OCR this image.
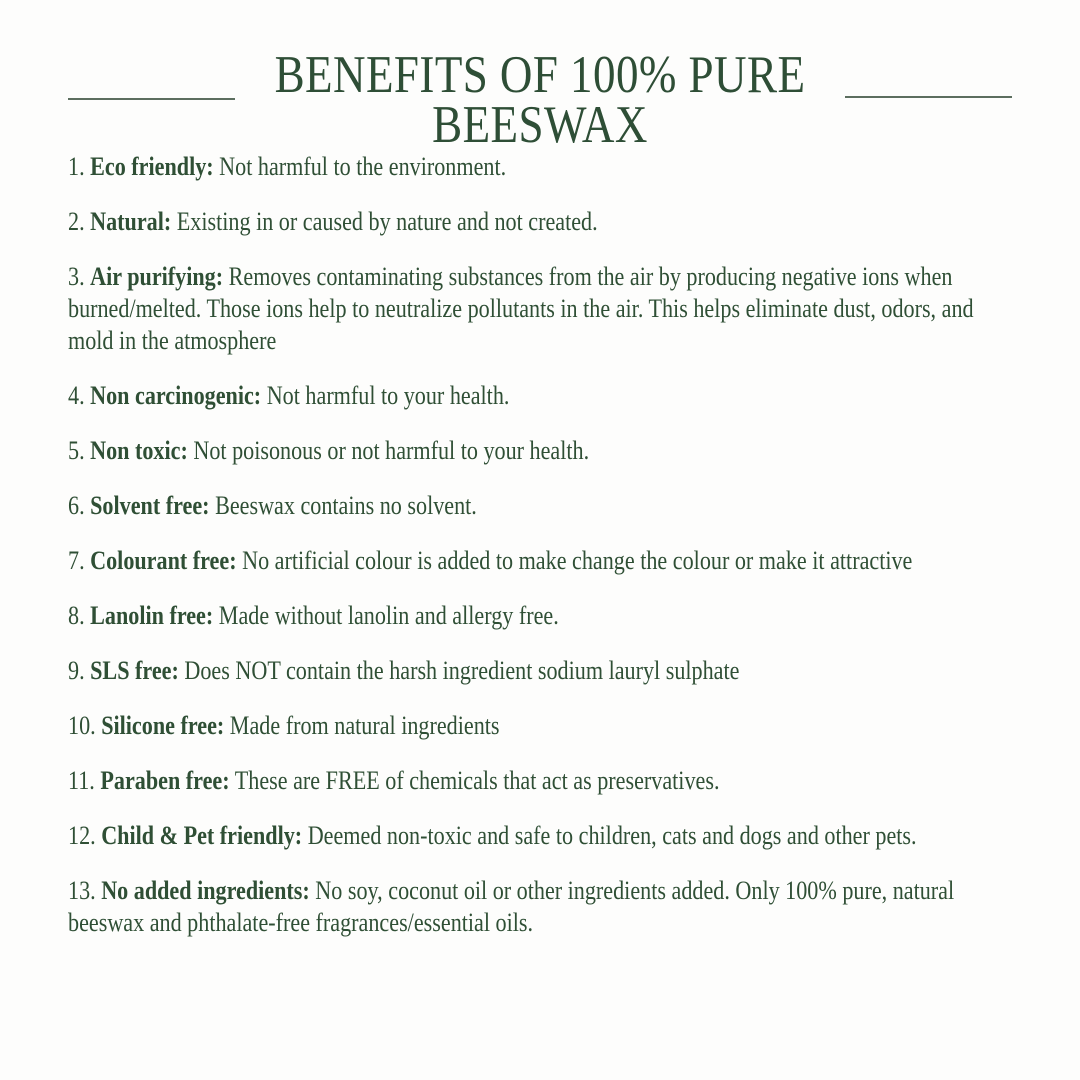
BENEFITS OF 100% PURE
BEESWAX

1. Eco friendly: Not harmful to the environment.

2. Natural: Existing in or caused by nature and not created.

3. Air purifying: Removes contaminating substances from the air by producing negative ions when burned/melted. Those ions help to neutralize pollutants in the air. This helps eliminate dust, odors, and mold in the atmosphere

4. Non carcinogenic: Not harmful to your health.

5. Non toxic: Not poisonous or not harmful to your health.

6. Solvent free: Beeswax contains no solvent.

7. Colourant free: No artificial colour is added to make change the colour or make it attractive

8. Lanolin free: Made without lanolin and allergy free.

9. SLS free: Does NOT contain the harsh ingredient sodium lauryl sulphate

10. Silicone free: Made from natural ingredients

11. Paraben free: These are FREE of chemicals that act as preservatives.

12. Child & Pet friendly: Deemed non-toxic and safe to children, cats and dogs and other pets.

13. No added ingredients: No soy, coconut oil or other ingredients added. Only 100% pure, natural beeswax and phthalate-free fragrances/essential oils.
